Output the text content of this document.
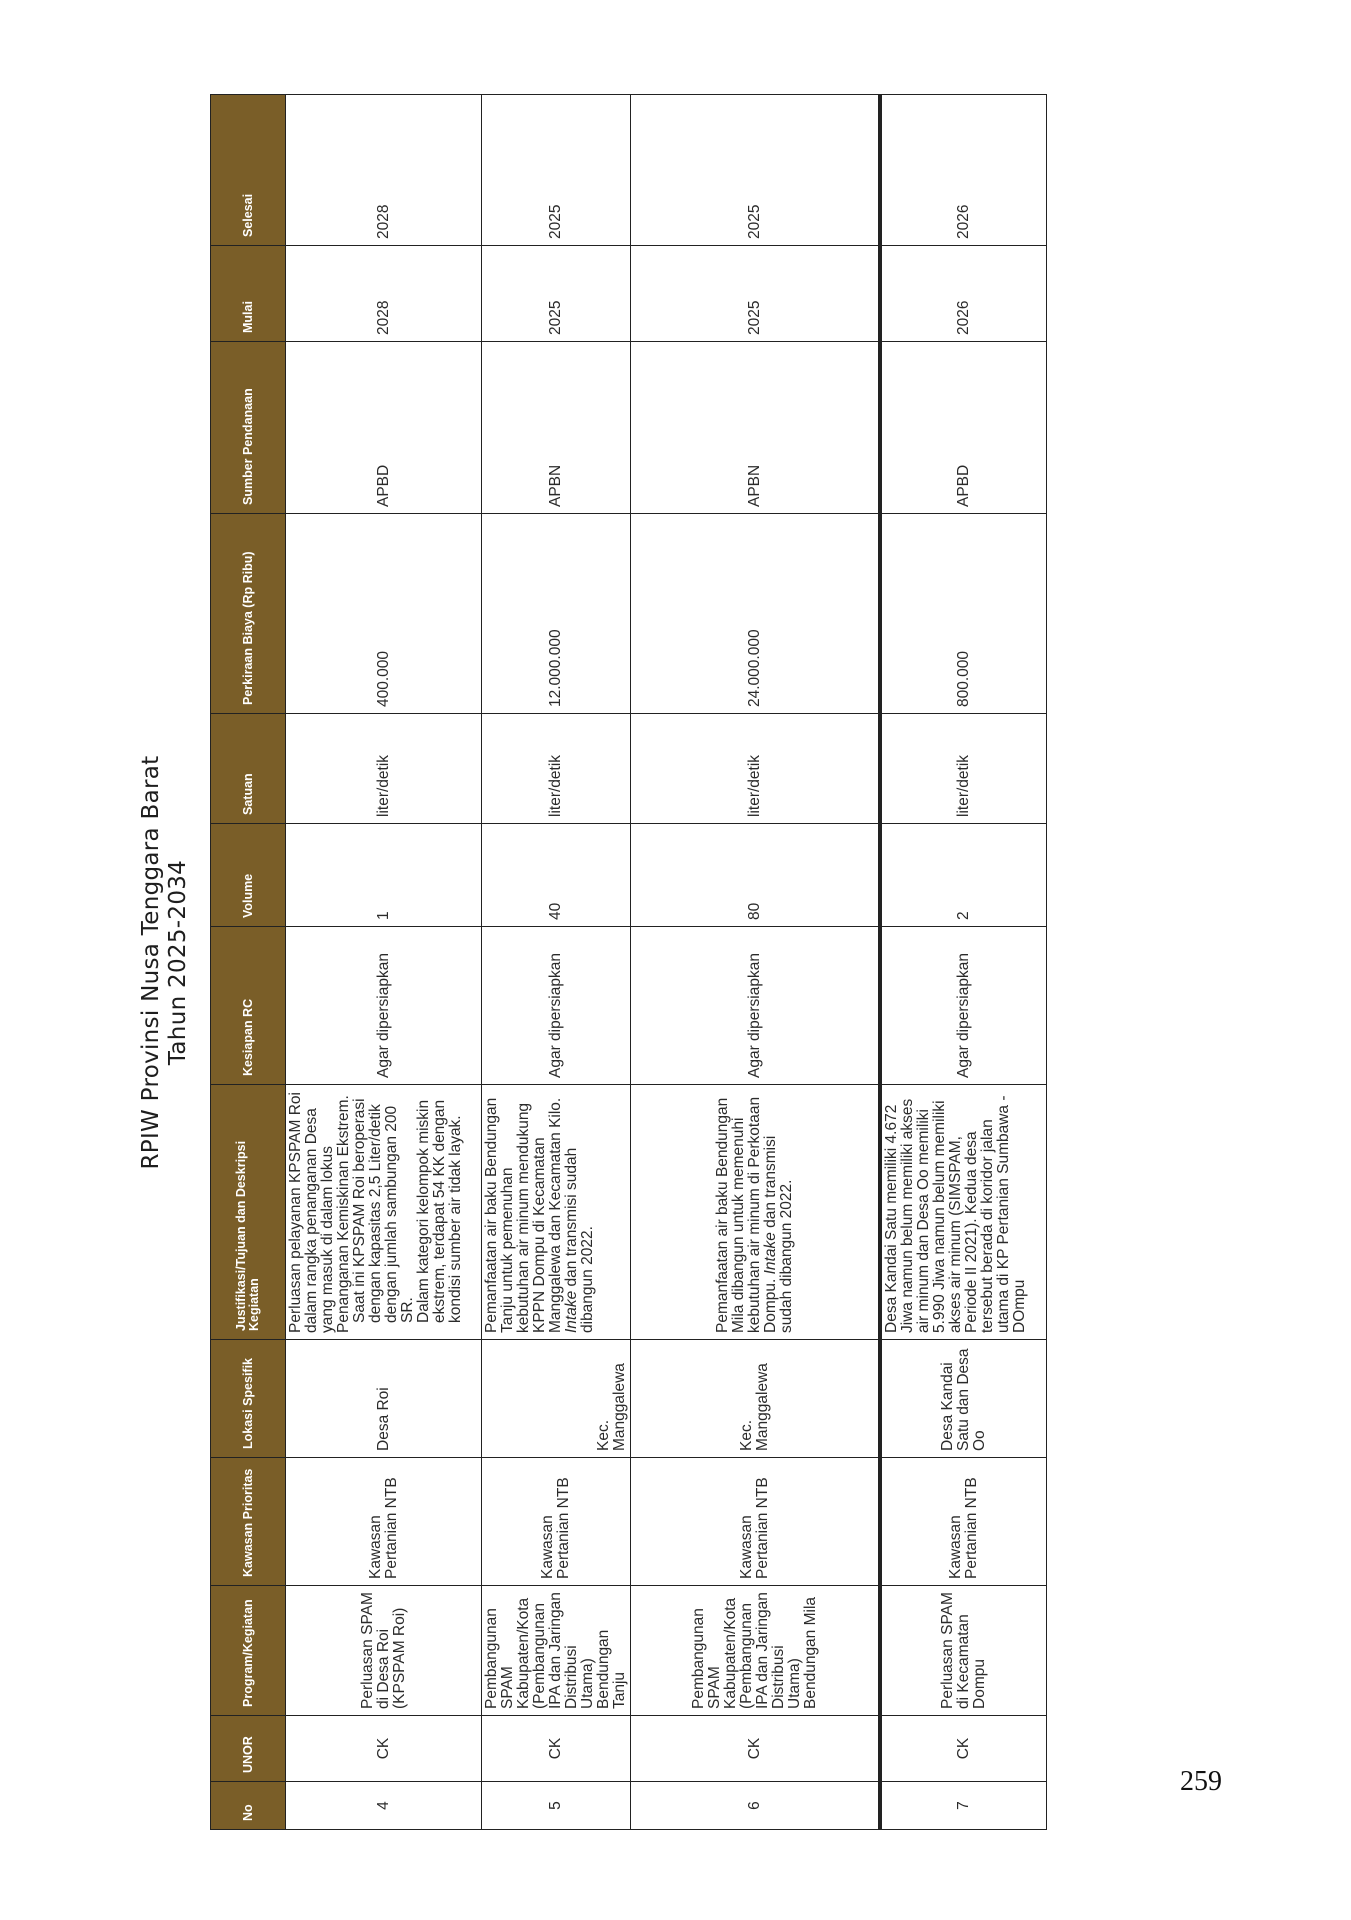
RPIW Provinsi Nusa Tenggara Barat Tahun 2025-2034
No	UNOR	Program/Kegiatan	Kawasan Prioritas	Lokasi Spesifik	Justifikasi/Tujuan dan Deskripsi Kegiatan	Kesiapan RC	Volume	Satuan	Perkiraan Biaya (Rp Ribu)	Sumber Pendanaan	Mulai	Selesai
4	CK	Perluasan SPAM di Desa Roi (KPSPAM Roi)	Kawasan Pertanian NTB	Desa Roi	Perluasan pelayanan KPSPAM Roi dalam rangka penanganan Desa yang masuk di dalam lokus Penanganan Kemiskinan Ekstrem. Saat ini KPSPAM Roi beroperasi dengan kapasitas 2,5 Liter/detik dengan jumlah sambungan 200 SR. Dalam kategori kelompok miskin ekstrem, terdapat 54 KK dengan kondisi sumber air tidak layak.	Agar dipersiapkan	1	liter/detik	400.000	APBD	2028	2028
5	CK	Pembangunan SPAM Kabupaten/Kota (Pembangunan IPA dan Jaringan Distribusi Utama) Bendungan Tanju	Kawasan Pertanian NTB	Kec. Manggalewa	Pemanfaatan air baku Bendungan Tanju untuk pemenuhan kebutuhan air minum mendukung KPPN Dompu di Kecamatan Manggalewa dan Kecamatan Kilo. Intake dan transmisi sudah dibangun 2022.	Agar dipersiapkan	40	liter/detik	12.000.000	APBN	2025	2025
6	CK	Pembangunan SPAM Kabupaten/Kota (Pembangunan IPA dan Jaringan Distribusi Utama) Bendungan Mila	Kawasan Pertanian NTB	Kec. Manggalewa	Pemanfaatan air baku Bendungan Mila dibangun untuk memenuhi kebutuhan air minum di Perkotaan Dompu. Intake dan transmisi sudah dibangun 2022.	Agar dipersiapkan	80	liter/detik	24.000.000	APBN	2025	2025
7	CK	Perluasan SPAM di Kecamatan Dompu	Kawasan Pertanian NTB	Desa Kandai Satu dan Desa Oo	Desa Kandai Satu memiliki 4.672 Jiwa namun belum memiliki akses air minum dan Desa Oo memiliki 5.990 Jiwa namun belum memiliki akses air minum (SIMSPAM, Periode II 2021). Kedua desa tersebut berada di koridor jalan utama di KP Pertanian Sumbawa - DOmpu	Agar dipersiapkan	2	liter/detik	800.000	APBD	2026	2026
259
